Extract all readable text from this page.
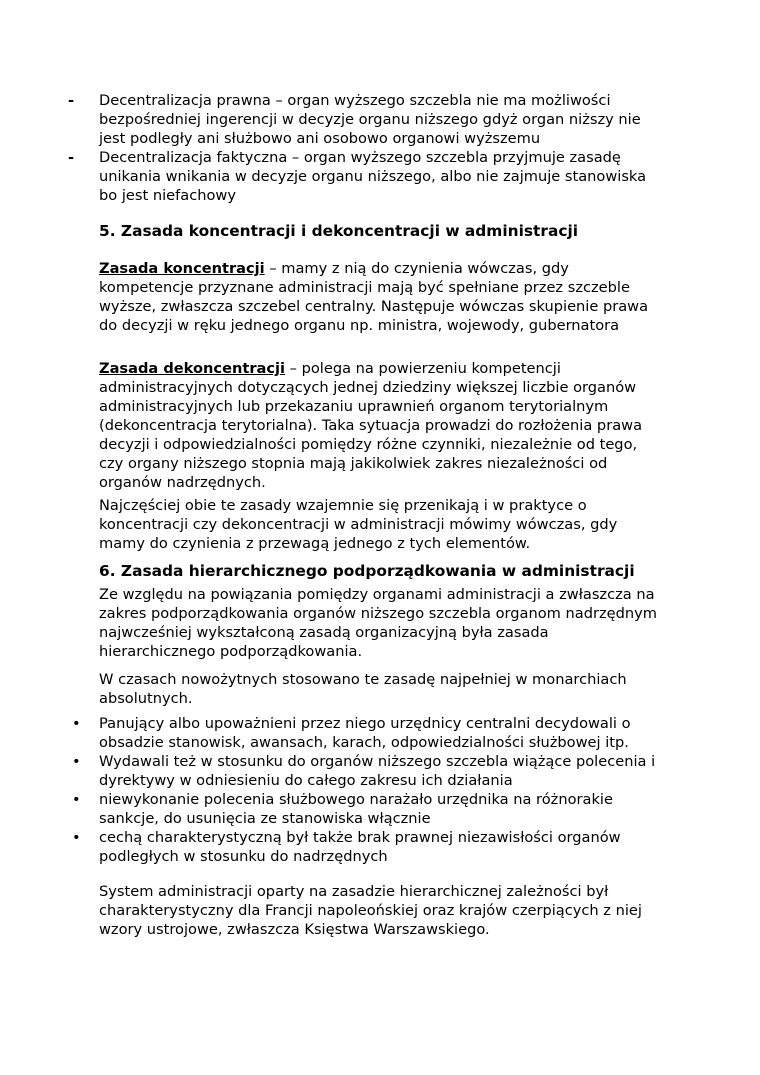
- Decentralizacja prawna – organ wyższego szczebla nie ma możliwości bezpośredniej ingerencji w decyzje organu niższego gdyż organ niższy nie jest podległy ani służbowo ani osobowo organowi wyższemu
- Decentralizacja faktyczna – organ wyższego szczebla przyjmuje zasadę unikania wnikania w decyzje organu niższego, albo nie zajmuje stanowiska bo jest niefachowy
5. Zasada koncentracji i dekoncentracji w administracji

Zasada koncentracji – mamy z nią do czynienia wówczas, gdy kompetencje przyznane administracji mają być spełniane przez szczeble wyższe, zwłaszcza szczebel centralny. Następuje wówczas skupienie prawa do decyzji w ręku jednego organu np. ministra, wojewody, gubernatora

Zasada dekoncentracji – polega na powierzeniu kompetencji administracyjnych dotyczących jednej dziedziny większej liczbie organów administracyjnych lub przekazaniu uprawnień organom terytorialnym (dekoncentracja terytorialna). Taka sytuacja prowadzi do rozłożenia prawa decyzji i odpowiedzialności pomiędzy różne czynniki, niezależnie od tego, czy organy niższego stopnia mają jakikolwiek zakres niezależności od organów nadrzędnych.

Najczęściej obie te zasady wzajemnie się przenikają i w praktyce o koncentracji czy dekoncentracji w administracji mówimy wówczas, gdy mamy do czynienia z przewagą jednego z tych elementów.

6. Zasada hierarchicznego podporządkowania w administracji

Ze względu na powiązania pomiędzy organami administracji a zwłaszcza na zakres podporządkowania organów niższego szczebla organom nadrzędnym najwcześniej wykształconą zasadą organizacyjną była zasada hierarchicznego podporządkowania.

W czasach nowożytnych stosowano te zasadę najpełniej w monarchiach absolutnych.

• Panujący albo upoważnieni przez niego urzędnicy centralni decydowali o obsadzie stanowisk, awansach, karach, odpowiedzialności służbowej itp.
• Wydawali też w stosunku do organów niższego szczebla wiążące polecenia i dyrektywy w odniesieniu do całego zakresu ich działania
• niewykonanie polecenia służbowego narażało urzędnika na różnorakie sankcje, do usunięcia ze stanowiska włącznie
• cechą charakterystyczną był także brak prawnej niezawisłości organów podległych w stosunku do nadrzędnych

System administracji oparty na zasadzie hierarchicznej zależności był charakterystyczny dla Francji napoleońskiej oraz krajów czerpiących z niej wzory ustrojowe, zwłaszcza Księstwa Warszawskiego.
